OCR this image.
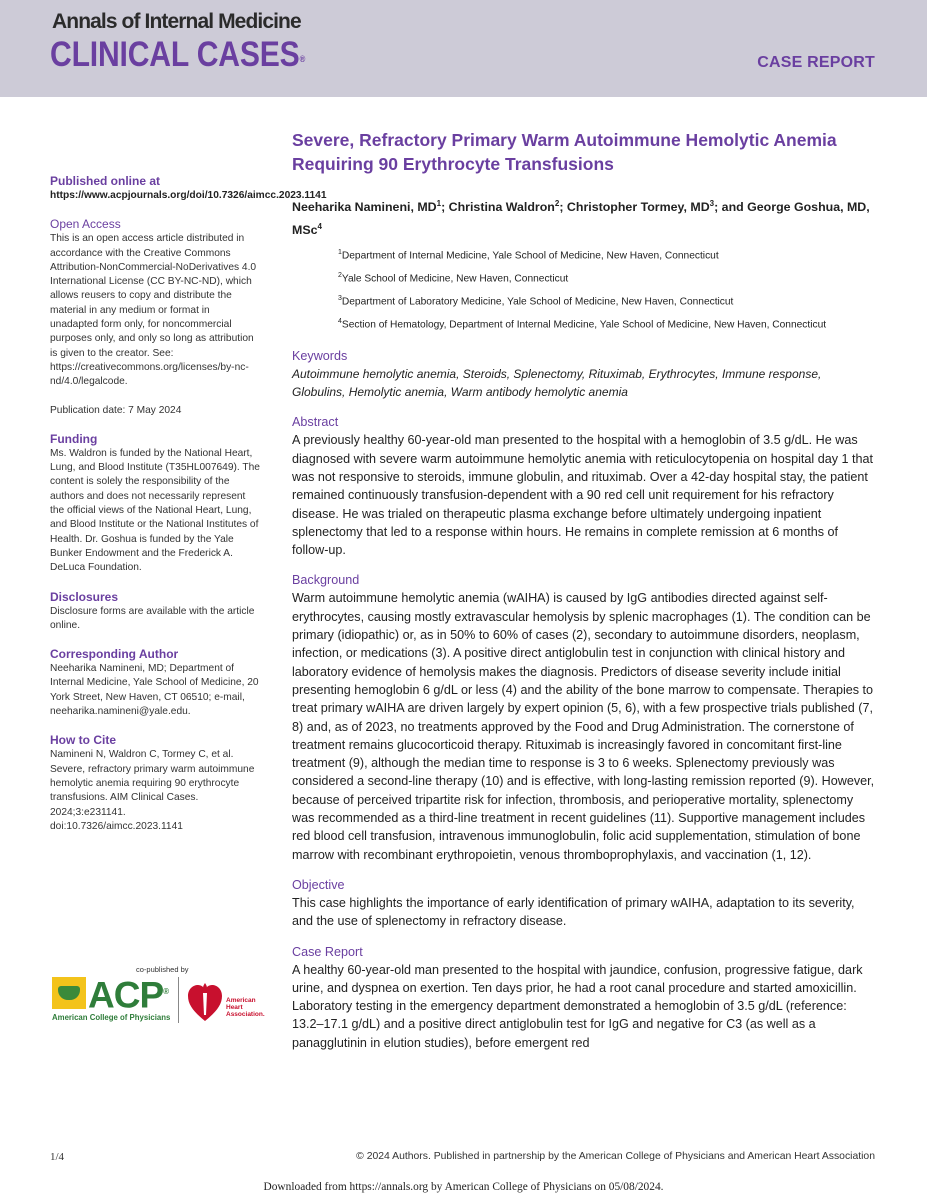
Annals of Internal Medicine
CLINICAL CASES®	CASE REPORT

Published online at

https://www.acpjournals.org/doi/10.7326/aimcc.2023.1141

Open Access

This is an open access article distributed in accordance with the Creative Commons Attribution-NonCommercial-NoDerivatives 4.0 International License (CC BY-NC-ND), which allows reusers to copy and distribute the material in any medium or format in unadapted form only, for noncommercial purposes only, and only so long as attribution is given to the creator. See: https://creativecommons.org/licenses/by-nc-nd/4.0/legalcode.

Publication date: 7 May 2024

Funding

Ms. Waldron is funded by the National Heart, Lung, and Blood Institute (T35HL007649). The content is solely the responsibility of the authors and does not necessarily represent the official views of the National Heart, Lung, and Blood Institute or the National Institutes of Health. Dr. Goshua is funded by the Yale Bunker Endowment and the Frederick A. DeLuca Foundation.

Disclosures

Disclosure forms are available with the article online.

Corresponding Author

Neeharika Namineni, MD; Department of Internal Medicine, Yale School of Medicine, 20 York Street, New Haven, CT 06510; e-mail, neeharika.namineni@yale.edu.

How to Cite

Namineni N, Waldron C, Tormey C, et al. Severe, refractory primary warm autoimmune hemolytic anemia requiring 90 erythrocyte transfusions. AIM Clinical Cases. 2024;3:e231141. doi:10.7326/aimcc.2023.1141

co-published by
ACP®
American College of Physicians
American
Heart
Association.
Severe, Refractory Primary Warm Autoimmune Hemolytic Anemia Requiring 90 Erythrocyte Transfusions

Neeharika Namineni, $MD^1$; Christina Waldron$^2$; Christopher Tormey, $MD^3$; and George Goshua, MD, MSc$^4$

$^1$Department of Internal Medicine, Yale School of Medicine, New Haven, Connecticut
$^2$Yale School of Medicine, New Haven, Connecticut
$^3$Department of Laboratory Medicine, Yale School of Medicine, New Haven, Connecticut
$^4$Section of Hematology, Department of Internal Medicine, Yale School of Medicine, New Haven, Connecticut

Keywords

Autoimmune hemolytic anemia, Steroids, Splenectomy, Rituximab, Erythrocytes, Immune response, Globulins, Hemolytic anemia, Warm antibody hemolytic anemia

Abstract

A previously healthy 60-year-old man presented to the hospital with a hemoglobin of 3.5 g/dL. He was diagnosed with severe warm autoimmune hemolytic anemia with reticulocytopenia on hospital day 1 that was not responsive to steroids, immune globulin, and rituximab. Over a 42-day hospital stay, the patient remained continuously transfusion-dependent with a 90 red cell unit requirement for his refractory disease. He was trialed on therapeutic plasma exchange before ultimately undergoing inpatient splenectomy that led to a response within hours. He remains in complete remission at 6 months of follow-up.

Background

Warm autoimmune hemolytic anemia (wAIHA) is caused by IgG antibodies directed against self-erythrocytes, causing mostly extravascular hemolysis by splenic macrophages (1). The condition can be primary (idiopathic) or, as in 50% to 60% of cases (2), secondary to autoimmune disorders, neoplasm, infection, or medications (3). A positive direct antiglobulin test in conjunction with clinical history and laboratory evidence of hemolysis makes the diagnosis. Predictors of disease severity include initial presenting hemoglobin 6 g/dL or less (4) and the ability of the bone marrow to compensate. Therapies to treat primary wAIHA are driven largely by expert opinion (5, 6), with a few prospective trials published (7, 8) and, as of 2023, no treatments approved by the Food and Drug Administration. The cornerstone of treatment remains glucocorticoid therapy. Rituximab is increasingly favored in concomitant first-line treatment (9), although the median time to response is 3 to 6 weeks. Splenectomy previously was considered a second-line therapy (10) and is effective, with long-lasting remission reported (9). However, because of perceived tripartite risk for infection, thrombosis, and perioperative mortality, splenectomy was recommended as a third-line treatment in recent guidelines (11). Supportive management includes red blood cell transfusion, intravenous immunoglobulin, folic acid supplementation, stimulation of bone marrow with recombinant erythropoietin, venous thromboprophylaxis, and vaccination (1, 12).

Objective

This case highlights the importance of early identification of primary wAIHA, adaptation to its severity, and the use of splenectomy in refractory disease.

Case Report

A healthy 60-year-old man presented to the hospital with jaundice, confusion, progressive fatigue, dark urine, and dyspnea on exertion. Ten days prior, he had a root canal procedure and started amoxicillin. Laboratory testing in the emergency department demonstrated a hemoglobin of 3.5 g/dL (reference: 13.2–17.1 g/dL) and a positive direct antiglobulin test for IgG and negative for C3 (as well as a panagglutinin in elution studies), before emergent red

1/4	© 2024 Authors. Published in partnership by the American College of Physicians and American Heart Association
Downloaded from https://annals.org by American College of Physicians on 05/08/2024.
